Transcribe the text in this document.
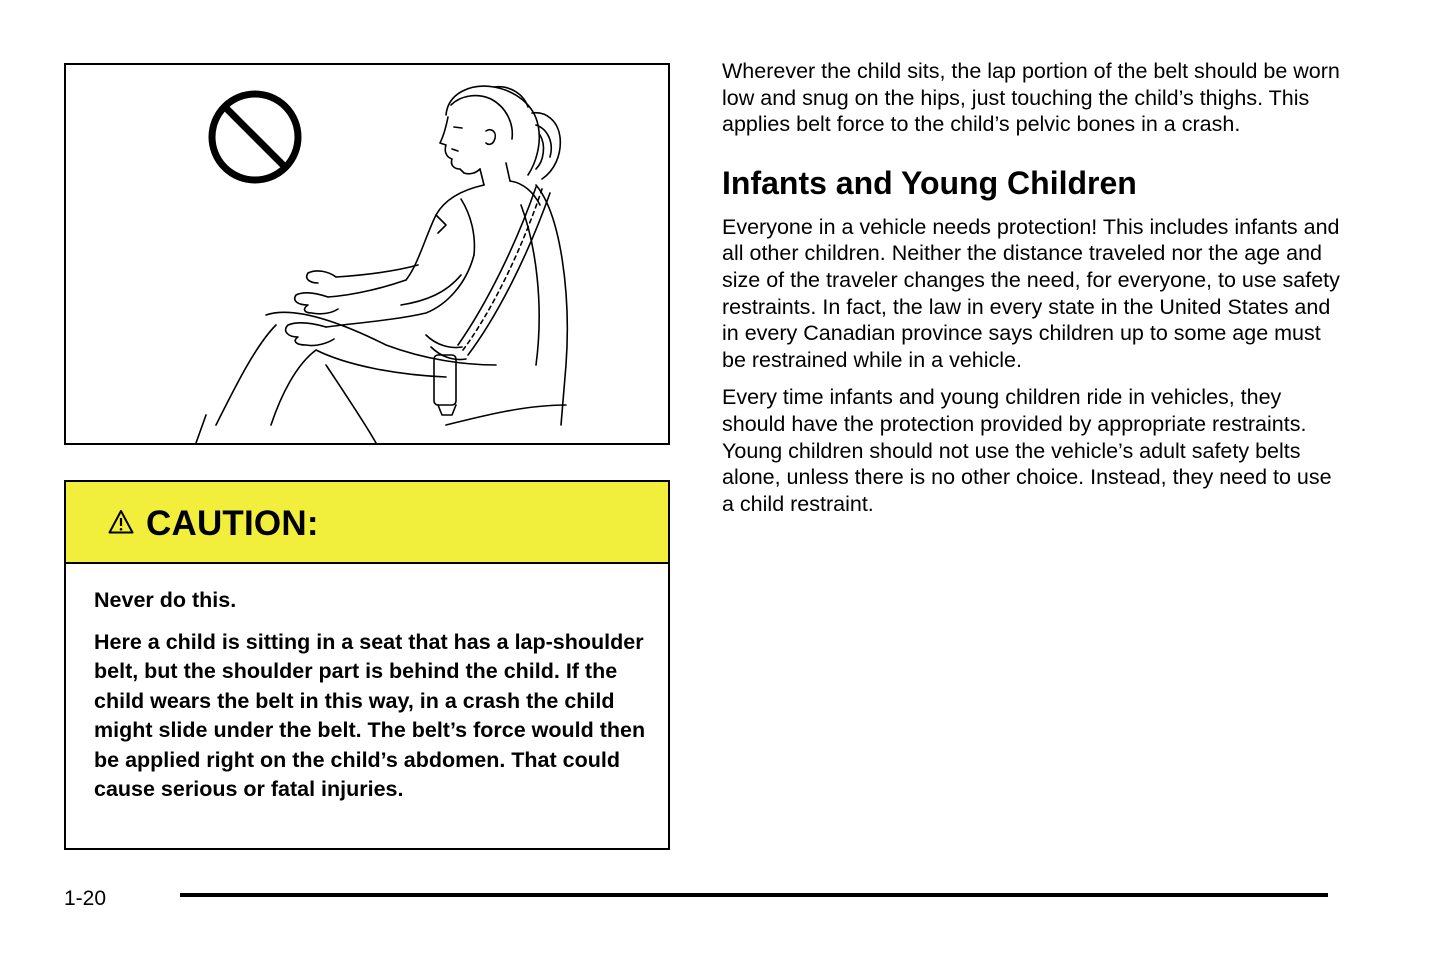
CAUTION:

Never do this.

Here a child is sitting in a seat that has a lap-shoulder belt, but the shoulder part is behind the child. If the child wears the belt in this way, in a crash the child might slide under the belt. The belt’s force would then be applied right on the child’s abdomen. That could cause serious or fatal injuries.

Wherever the child sits, the lap portion of the belt should be worn low and snug on the hips, just touching the child’s thighs. This applies belt force to the child’s pelvic bones in a crash.

Infants and Young Children

Everyone in a vehicle needs protection! This includes infants and all other children. Neither the distance traveled nor the age and size of the traveler changes the need, for everyone, to use safety restraints. In fact, the law in every state in the United States and in every Canadian province says children up to some age must be restrained while in a vehicle.

Every time infants and young children ride in vehicles, they should have the protection provided by appropriate restraints. Young children should not use the vehicle’s adult safety belts alone, unless there is no other choice. Instead, they need to use a child restraint.

1-20
